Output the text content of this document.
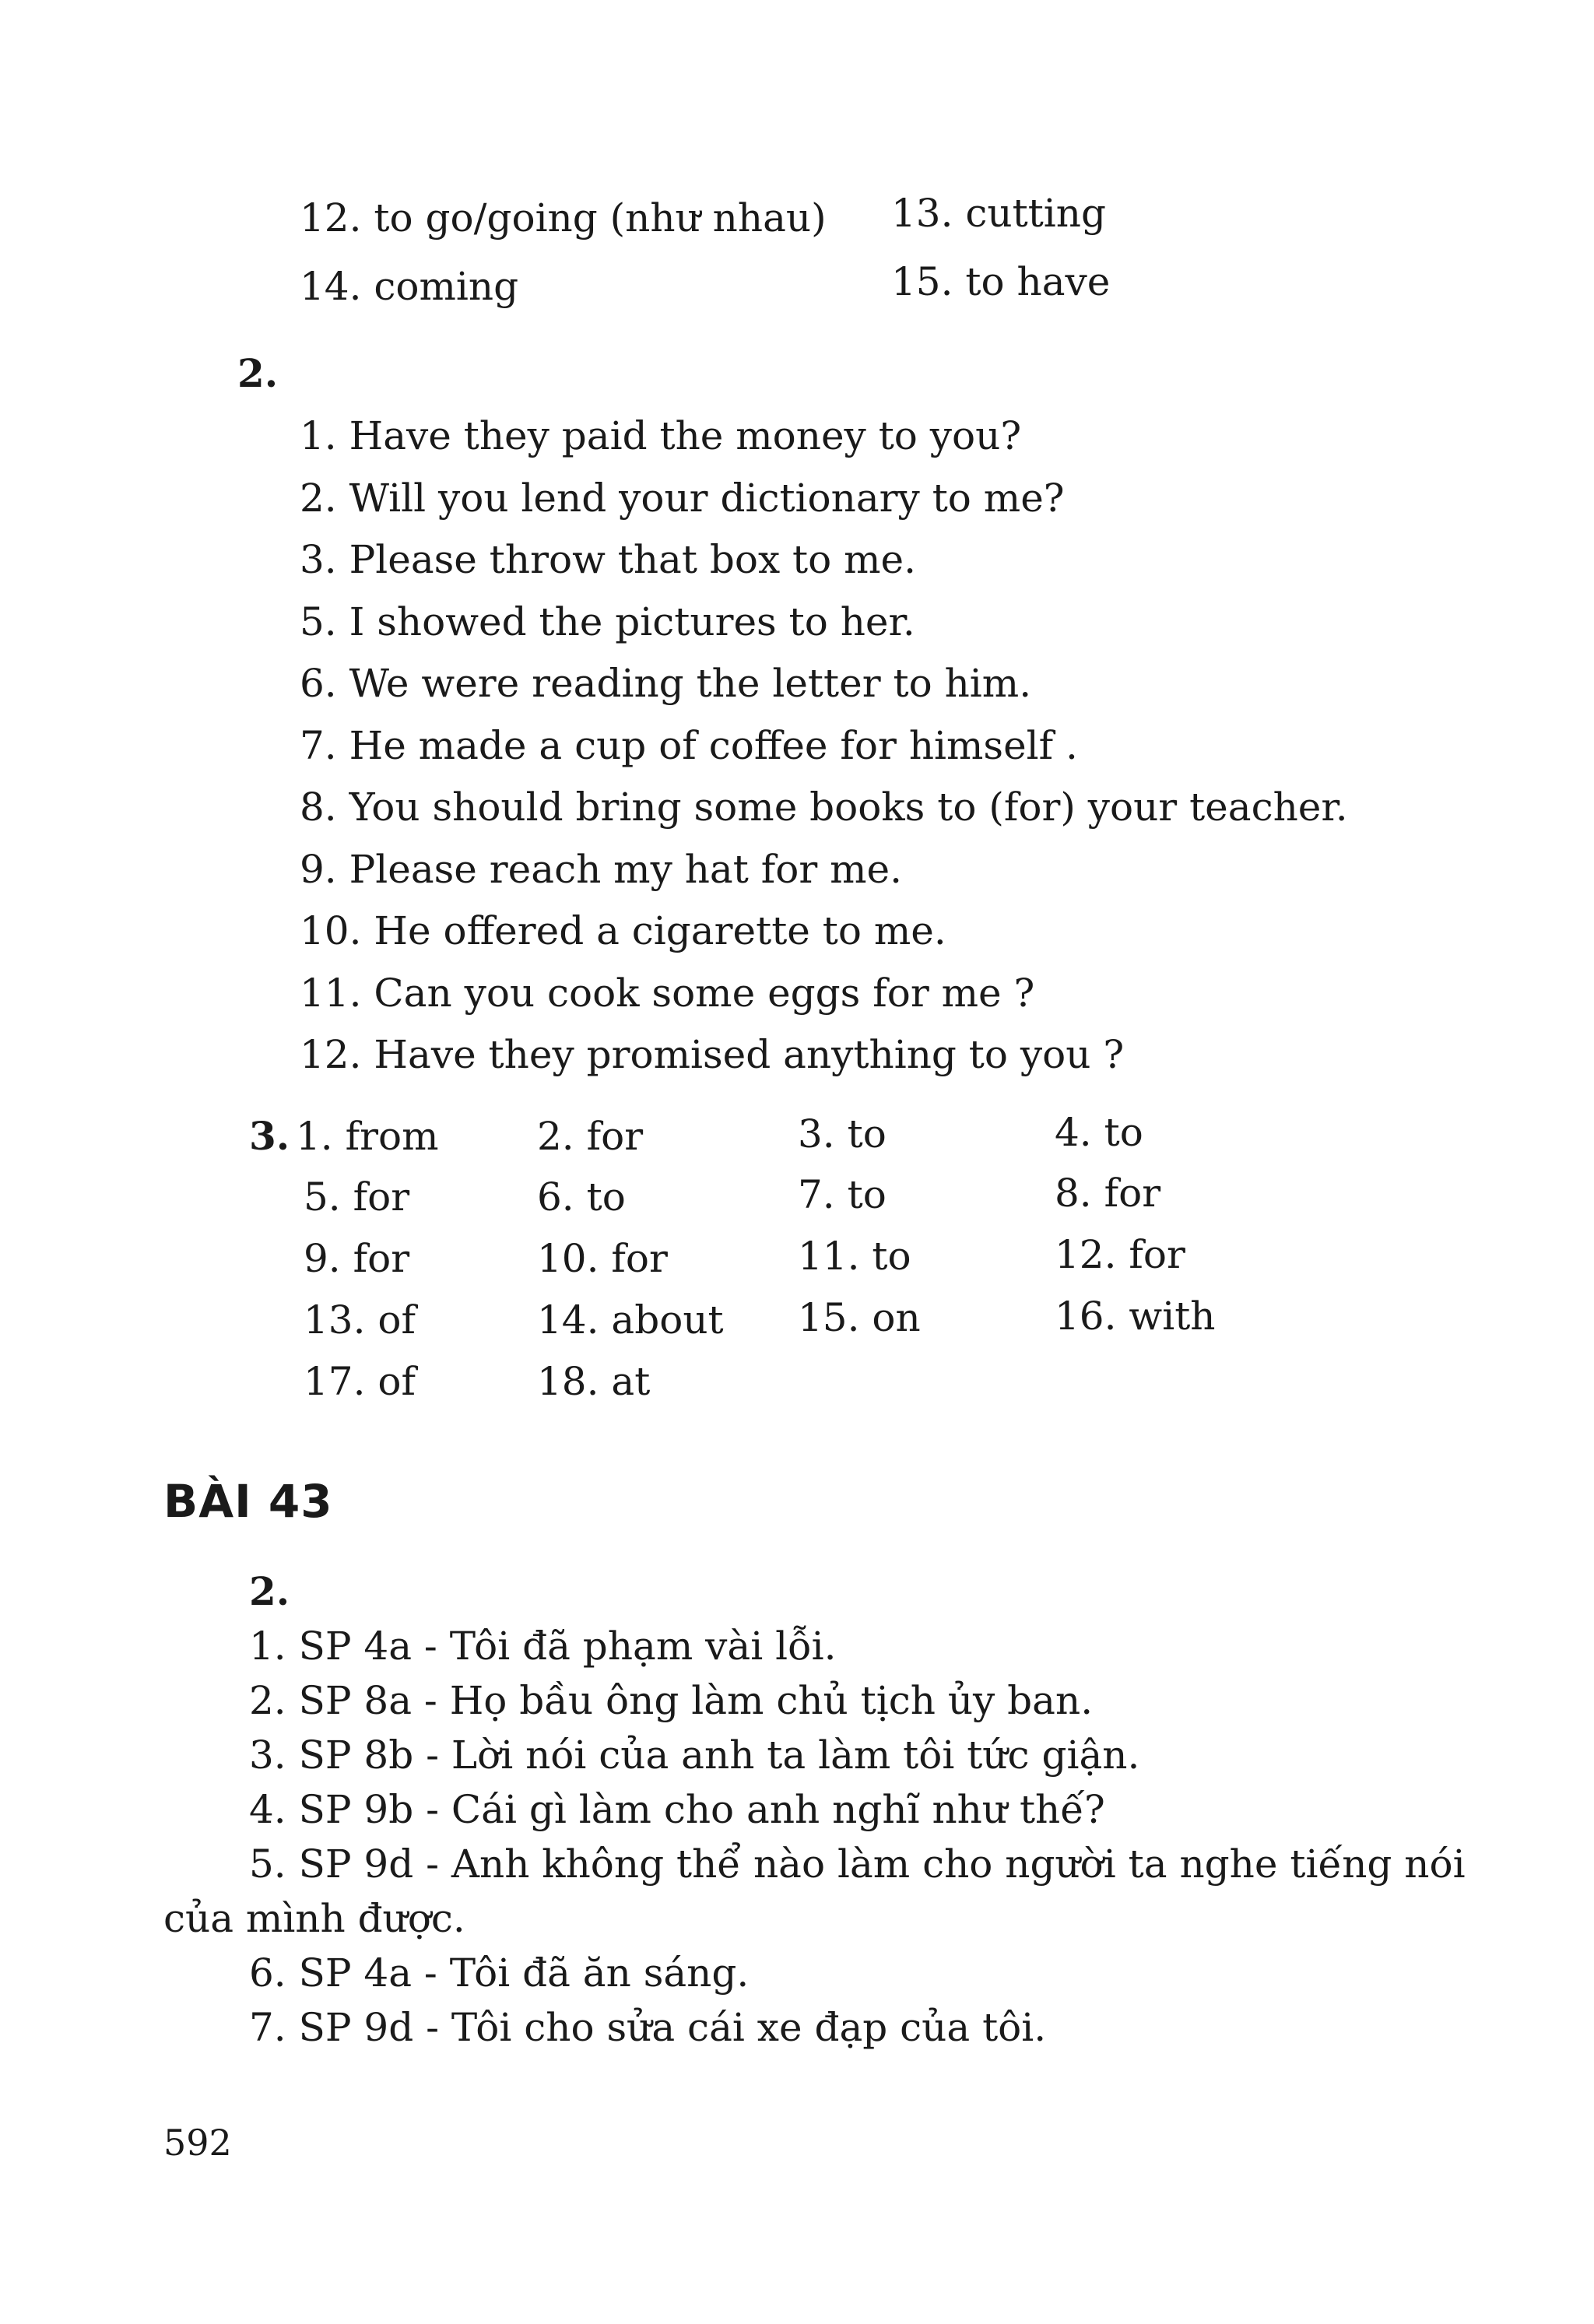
12. to go/going (như nhau) 13. cutting
14. coming	15. to have
2.
1. Have they paid the money to you?
2. Will you lend your dictionary to me?
3. Please throw that box to me.
5. I showed the pictures to her.
6. We were reading the letter to him.
7. He made a cup of coffee for himself .
8. You should bring some books to (for) your teacher.
9. Please reach my hat for me.
10. He offered a cigarette to me.
11. Can you cook some eggs for me ?
12. Have they promised anything to you ?
3. 1. from	2. for	3. to	4. to
5. for	6. to	7. to	8. for
9. for	10. for	11. to	12. for
13. of	14. about 15. on	16. with
17. of	18. at
BÀI 43
2.
1. SP 4a - Tôi đã phạm vài lỗi.
2. SP 8a - Họ bầu ông làm chủ tịch ủy ban.
3. SP 8b - Lời nói của anh ta làm tôi tức giận.
4. SP 9b - Cái gì làm cho anh nghĩ như thế?
5. SP 9d - Anh không thể nào làm cho người ta nghe tiếng nói
của mình được.
6. SP 4a - Tôi đã ăn sáng.
7. SP 9d - Tôi cho sửa cái xe đạp của tôi.
592
